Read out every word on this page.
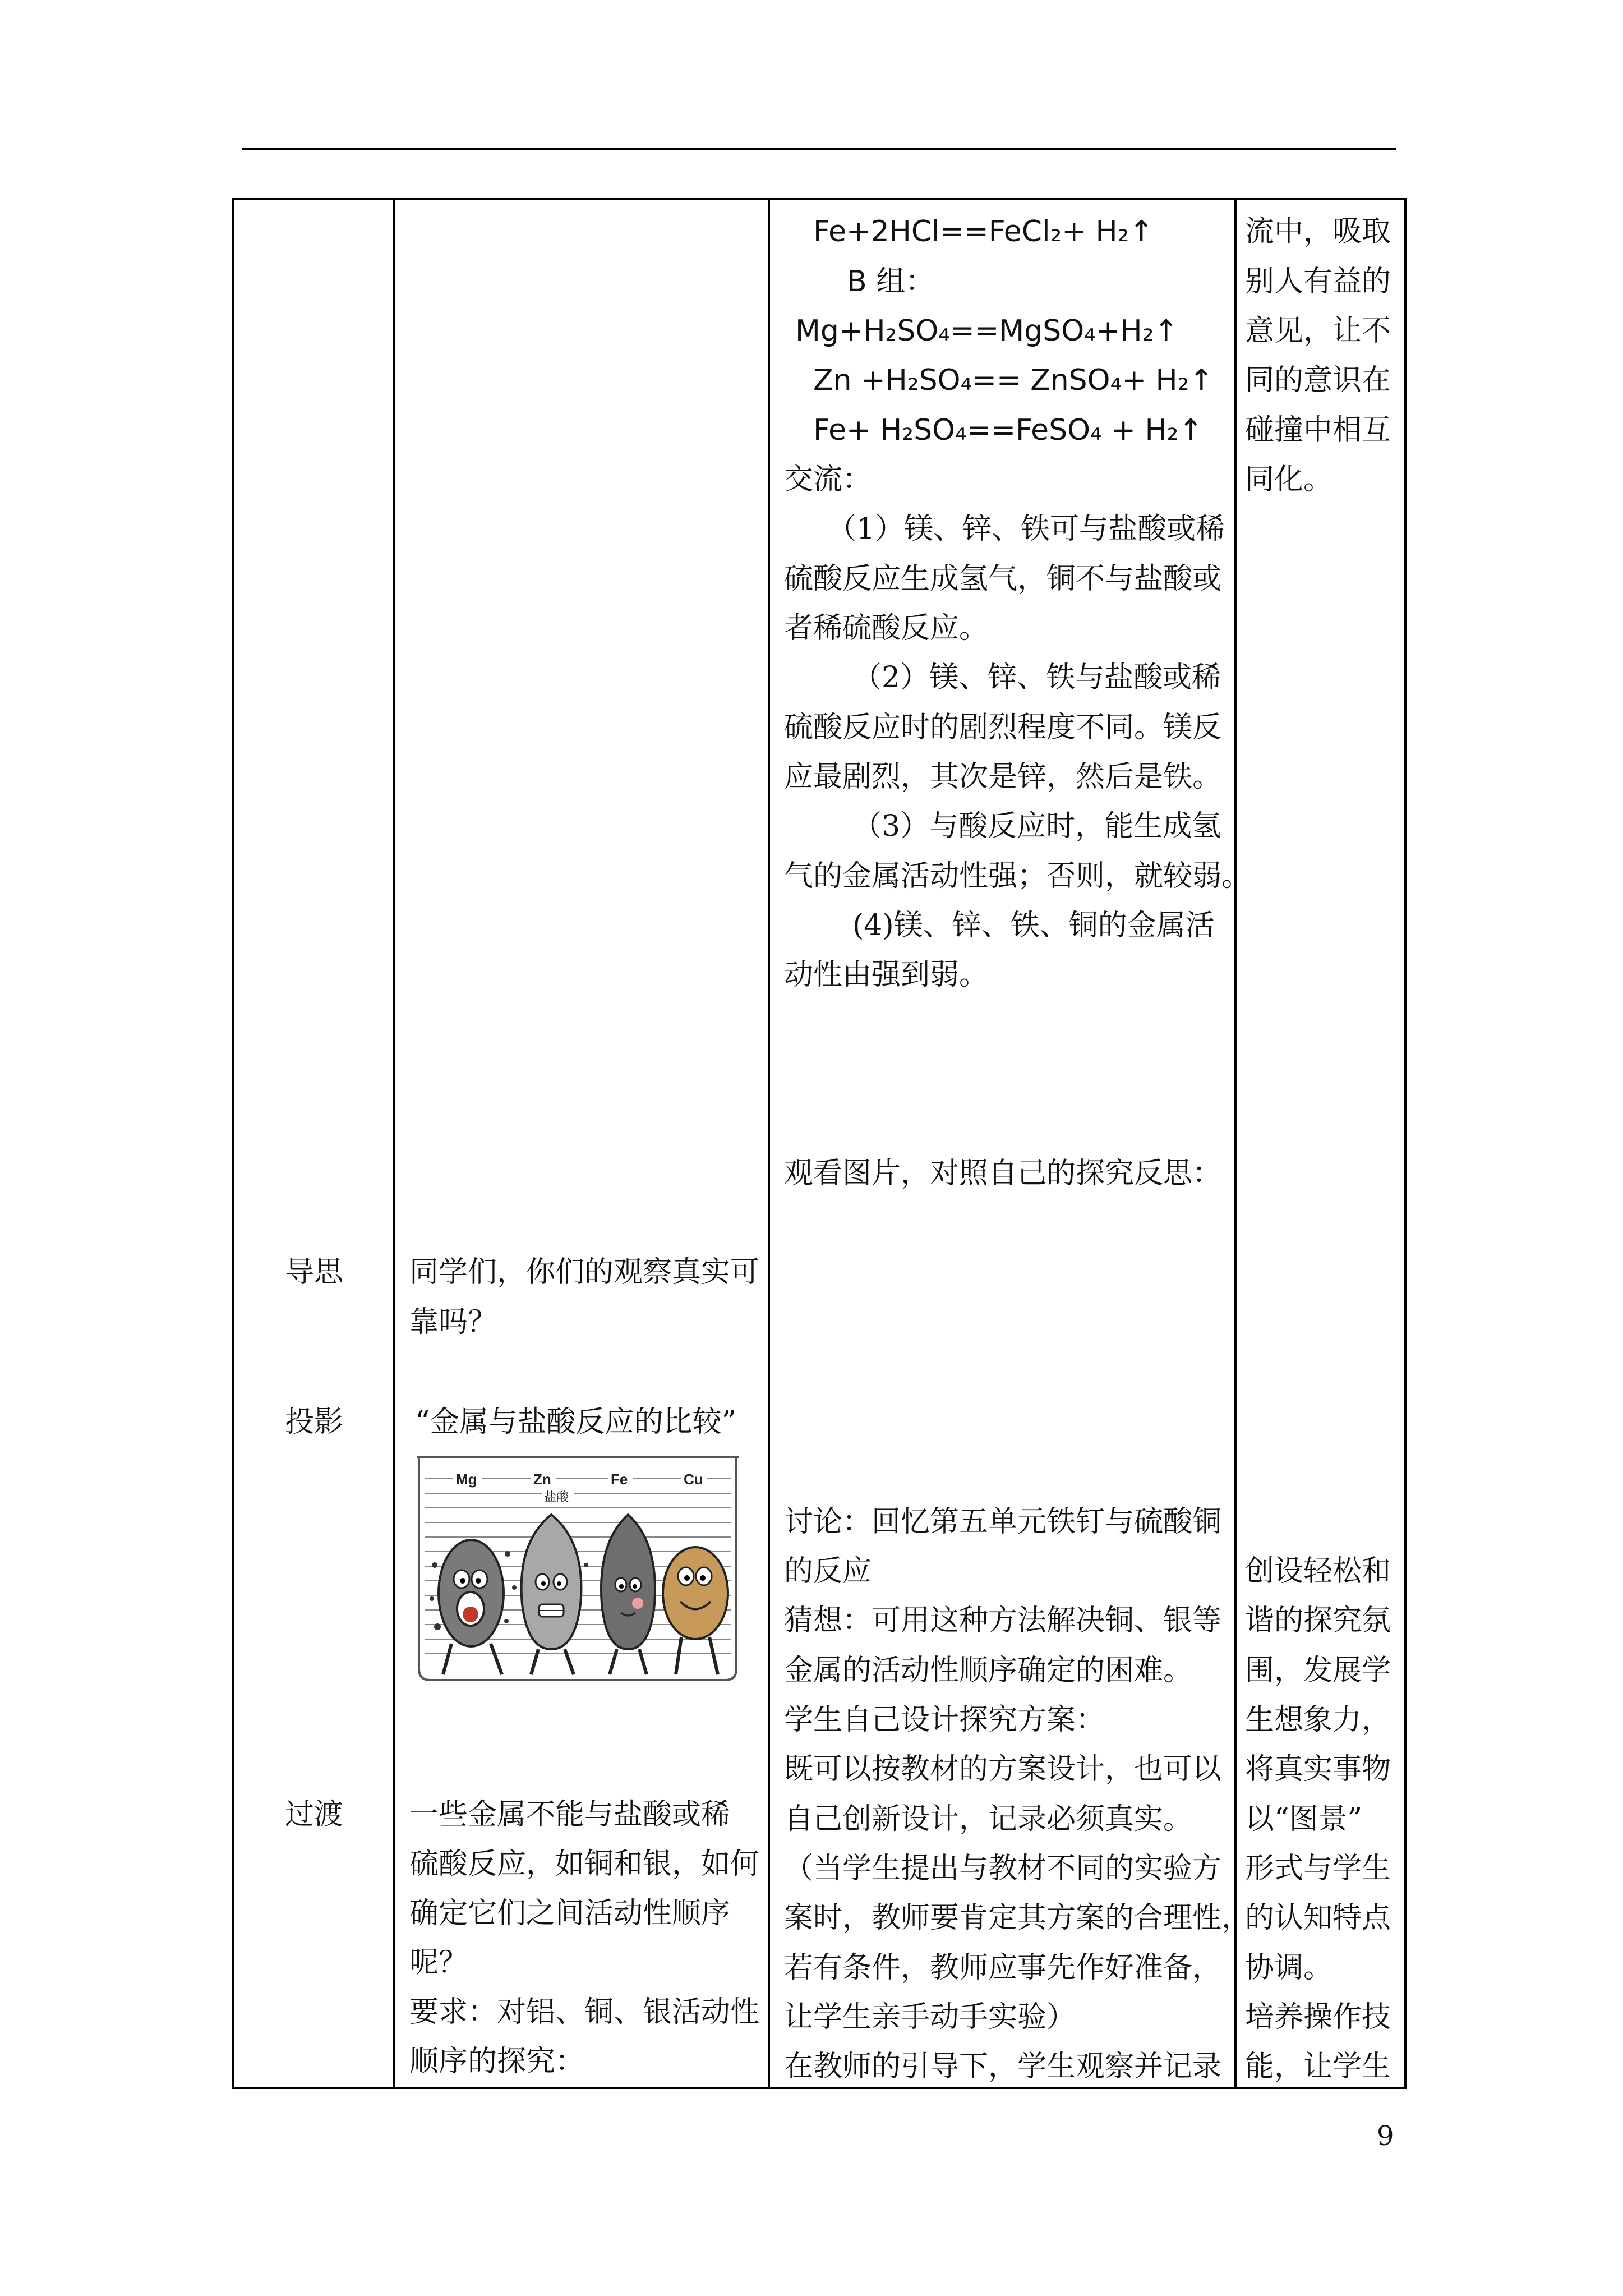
导思
投影
过渡
同学们，你们的观察真实可
靠吗？
“金属与盐酸反应的比较”
Mg	Zn
盐酸
Fe	Cu
一些金属不能与盐酸或稀
硫酸反应，如铜和银，如何
确定它们之间活动性顺序
呢？
要求：对铝、铜、银活动性
顺序的探究：
Fe+2HCl==FeCl₂+ H₂↑
B 组：
Mg+H₂SO₄==MgSO₄+H₂↑
Zn +H₂SO₄== ZnSO₄+ H₂↑
Fe+ H₂SO₄==FeSO₄ + H₂↑
交流：
（1）镁、锌、铁可与盐酸或稀
硫酸反应生成氢气，铜不与盐酸或
者稀硫酸反应。
（2）镁、锌、铁与盐酸或稀
硫酸反应时的剧烈程度不同。镁反
应最剧烈，其次是锌，然后是铁。
（3）与酸反应时，能生成氢
气的金属活动性强；否则，就较弱。
(4)镁、锌、铁、铜的金属活
动性由强到弱。
观看图片，对照自己的探究反思：
讨论：回忆第五单元铁钉与硫酸铜
的反应
猜想：可用这种方法解决铜、银等
金属的活动性顺序确定的困难。
学生自己设计探究方案：
既可以按教材的方案设计，也可以
自己创新设计，记录必须真实。
（当学生提出与教材不同的实验方
案时，教师要肯定其方案的合理性，
若有条件，教师应事先作好准备，
让学生亲手动手实验）
在教师的引导下，学生观察并记录
流中，吸取
别人有益的
意见，让不
同的意识在
碰撞中相互
同化。
创设轻松和
谐的探究氛
围，发展学
生想象力，
将真实事物
以“图景”
形式与学生
的认知特点
协调。
培养操作技
能，让学生
9
